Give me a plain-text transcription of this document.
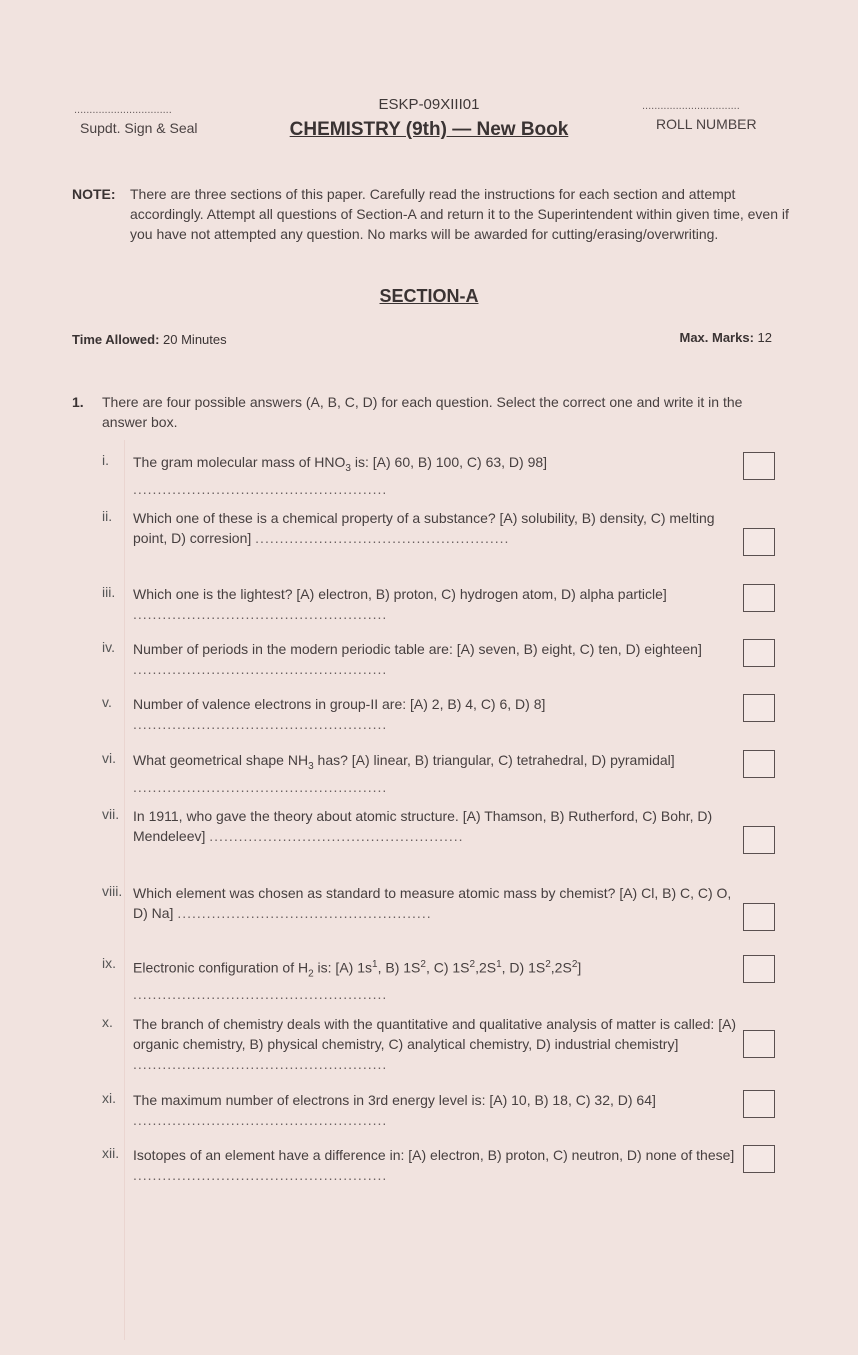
................................
Supdt. Sign & Seal
ESKP-09XIII01
CHEMISTRY (9th) — New Book
................................
ROLL NUMBER
NOTE: There are three sections of this paper. Carefully read the instructions for each section and attempt accordingly. Attempt all questions of Section-A and return it to the Superintendent within given time, even if you have not attempted any question. No marks will be awarded for cutting/erasing/overwriting.
SECTION-A
Time Allowed: 20 Minutes	Max. Marks: 12
1. There are four possible answers (A, B, C, D) for each question. Select the correct one and write it in the answer box.
i. The gram molecular mass of $HNO_3$ is: [A) 60, B) 100, C) 63, D) 98] ....................................................
ii. Which one of these is a chemical property of a substance? [A) solubility, B) density, C) melting point, D) corresion] ....................................................
iii. Which one is the lightest? [A) electron, B) proton, C) hydrogen atom, D) alpha particle] ....................................................
iv. Number of periods in the modern periodic table are: [A) seven, B) eight, C) ten, D) eighteen] ....................................................
v. Number of valence electrons in group-II are: [A) 2, B) 4, C) 6, D) 8] ....................................................
vi. What geometrical shape $NH_3$ has? [A) linear, B) triangular, C) tetrahedral, D) pyramidal] ....................................................
vii. In 1911, who gave the theory about atomic structure. [A) Thamson, B) Rutherford, C) Bohr, D) Mendeleev] ....................................................
viii. Which element was chosen as standard to measure atomic mass by chemist? [A) Cl, B) C, C) O, D) Na] ....................................................
ix. Electronic configuration of $H_2$ is: [A) $1s^1$, B) $1S^2$, C) $1S^2,2S^1$, D) $1S^2,2S^2$] ....................................................
x. The branch of chemistry deals with the quantitative and qualitative analysis of matter is called: [A) organic chemistry, B) physical chemistry, C) analytical chemistry, D) industrial chemistry] ....................................................
xi. The maximum number of electrons in 3rd energy level is: [A) 10, B) 18, C) 32, D) 64] ....................................................
xii. Isotopes of an element have a difference in: [A) electron, B) proton, C) neutron, D) none of these] ....................................................
